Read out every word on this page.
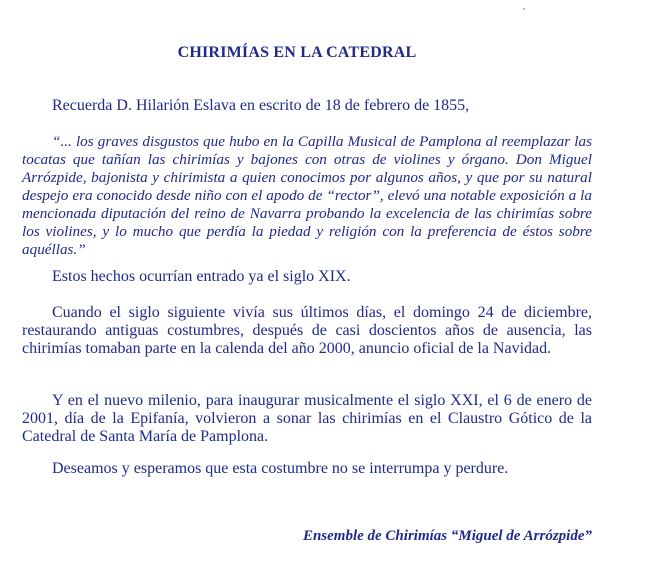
CHIRIMÍAS EN LA CATEDRAL

Recuerda D. Hilarión Eslava en escrito de 18 de febrero de 1855,

“... los graves disgustos que hubo en la Capilla Musical de Pamplona al reemplazar las tocatas que tañían las chirimías y bajones con otras de violines y órgano. Don Miguel Arrózpide, bajonista y chirimista a quien conocimos por algunos años, y que por su natural despejo era conocido desde niño con el apodo de “rector”, elevó una notable exposición a la mencionada diputación del reino de Navarra probando la excelencia de las chirimías sobre los violines, y lo mucho que perdía la piedad y religión con la preferencia de éstos sobre aquéllas.”

Estos hechos ocurrían entrado ya el siglo XIX.

Cuando el siglo siguiente vivía sus últimos días, el domingo 24 de diciembre, restaurando antiguas costumbres, después de casi doscientos años de ausencia, las chirimías tomaban parte en la calenda del año 2000, anuncio oficial de la Navidad.

Y en el nuevo milenio, para inaugurar musicalmente el siglo XXI, el 6 de enero de 2001, día de la Epifanía, volvieron a sonar las chirimías en el Claustro Gótico de la Catedral de Santa María de Pamplona.

Deseamos y esperamos que esta costumbre no se interrumpa y perdure.

Ensemble de Chirimías “Miguel de Arrózpide”
